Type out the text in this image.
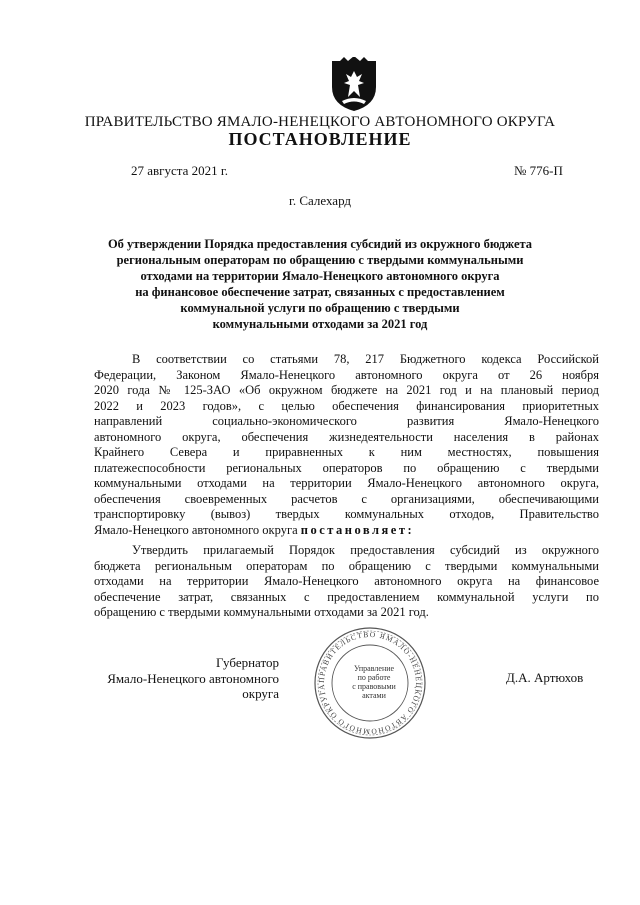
ПРАВИТЕЛЬСТВО ЯМАЛО-НЕНЕЦКОГО АВТОНОМНОГО ОКРУГА
ПОСТАНОВЛЕНИЕ
27 августа 2021 г.	№ 776-П
г. Салехард
Об утверждении Порядка предоставления субсидий из окружного бюджета
региональным операторам по обращению с твердыми коммунальными
отходами на территории Ямало-Ненецкого автономного округа
на финансовое обеспечение затрат, связанных с предоставлением
коммунальной услуги по обращению с твердыми
коммунальными отходами за 2021 год
В соответствии со статьями 78, 217 Бюджетного кодекса Российской
Федерации, Законом Ямало-Ненецкого автономного округа от 26 ноября
2020 года № 125-ЗАО «Об окружном бюджете на 2021 год и на плановый период
2022 и 2023 годов», с целью обеспечения финансирования приоритетных
направлений социально-экономического развития Ямало-Ненецкого
автономного округа, обеспечения жизнедеятельности населения в районах
Крайнего Севера и приравненных к ним местностях, повышения
платежеспособности региональных операторов по обращению с твердыми
коммунальными отходами на территории Ямало-Ненецкого автономного округа,
обеспечения своевременных расчетов с организациями, обеспечивающими
транспортировку (вывоз) твердых коммунальных отходов, Правительство
Ямало-Ненецкого автономного округа постановляет:
Утвердить прилагаемый Порядок предоставления субсидий из окружного
бюджета региональным операторам по обращению с твердыми коммунальными
отходами на территории Ямало-Ненецкого автономного округа на финансовое
обеспечение затрат, связанных с предоставлением коммунальной услуги по
обращению с твердыми коммунальными отходами за 2021 год.
Губернатор
Ямало-Ненецкого автономного округа
Д.А. Артюхов
ПРАВИТЕЛЬСТВО ЯМАЛО-НЕНЕЦКОГО АВТОНОМНОГО ОКРУГА
Управление
по работе
с правовыми
актами
